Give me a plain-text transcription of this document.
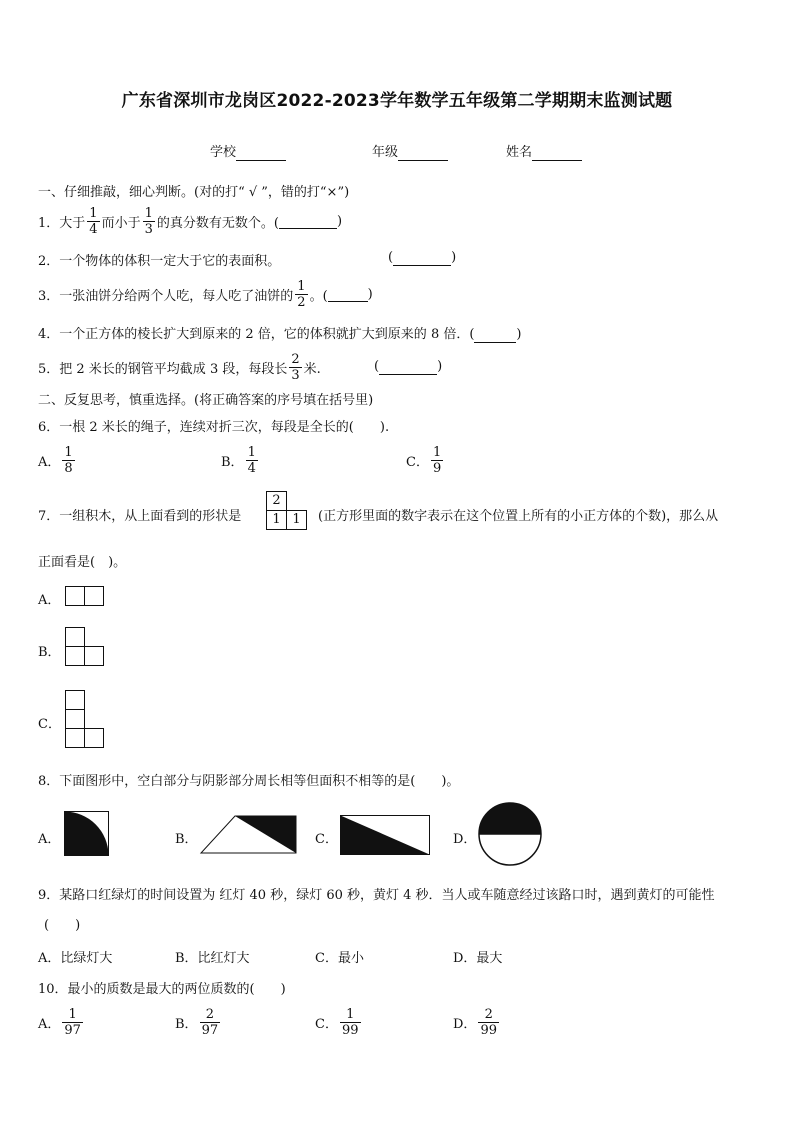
广东省深圳市龙岗区2022-2023学年数学五年级第二学期期末监测试题
学校	年级	姓名
一、仔细推敲，细心判断。(对的打“ √ ”，错的打“×”)
1．大于 $\frac{1}{4}$ 而小于 $\frac{1}{3}$ 的真分数有无数个。(
	)
2．一个物体的体积一定大于它的表面积。	(	)
3．一张油饼分给两个人吃，每人吃了油饼的 $\frac{1}{2}$ 。(
	)
4．一个正方体的棱长扩大到原来的 2 倍，它的体积就扩大到原来的 8 倍．(	)
5．把 2 米长的钢管平均截成 3 段，每段长 $\frac{2}{3}$ 米.	(	)
二、反复思考，慎重选择。(将正确答案的序号填在括号里)
6．一根 2 米长的绳子，连续对折三次，每段是全长的(　　).
A． $\frac{1}{8}$	B． $\frac{1}{4}$	C． $\frac{1}{9}$
7．一组积木，从上面看到的形状是
2
1 1	(正方形里面的数字表示在这个位置上所有的小正方体的个数)，那么从
正面看是(　)。
A．
B．
C．
8．下面图形中，空白部分与阴影部分周长相等但面积不相等的是(　　)。
A．	B．	C．	D．
9．某路口红绿灯的时间设置为 红灯 40 秒，绿灯 60 秒，黄灯 4 秒．当人或车随意经过该路口时，遇到黄灯的可能性
(　　)
A．比绿灯大	B．比红灯大	C．最小	D．最大
10．最小的质数是最大的两位质数的(　　)
A． $\frac{1}{97}$	B． $\frac{2}{97}$	C． $\frac{1}{99}$	D． $\frac{2}{99}$
